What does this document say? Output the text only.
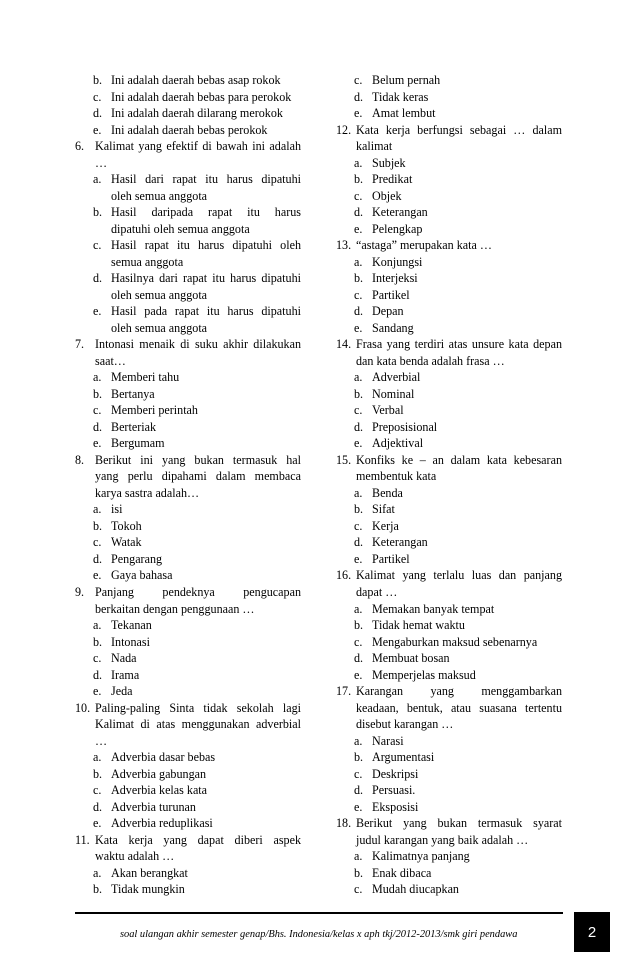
b. Ini adalah daerah bebas asap rokok
c. Ini adalah daerah bebas para perokok
d. Ini adalah daerah dilarang merokok
e. Ini adalah daerah bebas perokok
6. Kalimat yang efektif di bawah ini adalah
…
a. Hasil dari rapat itu harus dipatuhi
oleh semua anggota
b. Hasil daripada rapat itu harus
dipatuhi oleh semua anggota
c. Hasil rapat itu harus dipatuhi oleh
semua anggota
d. Hasilnya dari rapat itu harus dipatuhi
oleh semua anggota
e. Hasil pada rapat itu harus dipatuhi
oleh semua anggota
7. Intonasi menaik di suku akhir dilakukan
saat…
a. Memberi tahu
b. Bertanya
c. Memberi perintah
d. Berteriak
e. Bergumam
8. Berikut ini yang bukan termasuk hal
yang perlu dipahami dalam membaca
karya sastra adalah…
a. isi
b. Tokoh
c. Watak
d. Pengarang
e. Gaya bahasa
9. Panjang pendeknya pengucapan
berkaitan dengan penggunaan …
a. Tekanan
b. Intonasi
c. Nada
d. Irama
e. Jeda
10. Paling-paling Sinta tidak sekolah lagi
Kalimat di atas menggunakan adverbial
…
a. Adverbia dasar bebas
b. Adverbia gabungan
c. Adverbia kelas kata
d. Adverbia turunan
e. Adverbia reduplikasi
11. Kata kerja yang dapat diberi aspek
waktu adalah …
a. Akan berangkat
b. Tidak mungkin
c. Belum pernah
d. Tidak keras
e. Amat lembut
12. Kata kerja berfungsi sebagai … dalam
kalimat
a. Subjek
b. Predikat
c. Objek
d. Keterangan
e. Pelengkap
13. “astaga” merupakan kata …
a. Konjungsi
b. Interjeksi
c. Partikel
d. Depan
e. Sandang
14. Frasa yang terdiri atas unsure kata depan
dan kata benda adalah frasa …
a. Adverbial
b. Nominal
c. Verbal
d. Preposisional
e. Adjektival
15. Konfiks ke – an dalam kata kebesaran
membentuk kata
a. Benda
b. Sifat
c. Kerja
d. Keterangan
e. Partikel
16. Kalimat yang terlalu luas dan panjang
dapat …
a. Memakan banyak tempat
b. Tidak hemat waktu
c. Mengaburkan maksud sebenarnya
d. Membuat bosan
e. Memperjelas maksud
17. Karangan yang menggambarkan
keadaan, bentuk, atau suasana tertentu
disebut karangan …
a. Narasi
b. Argumentasi
c. Deskripsi
d. Persuasi.
e. Eksposisi
18. Berikut yang bukan termasuk syarat
judul karangan yang baik adalah …
a. Kalimatnya panjang
b. Enak dibaca
c. Mudah diucapkan
soal ulangan akhir semester genap/Bhs. Indonesia/kelas x aph tkj/2012-2013/smk giri pendawa	2
